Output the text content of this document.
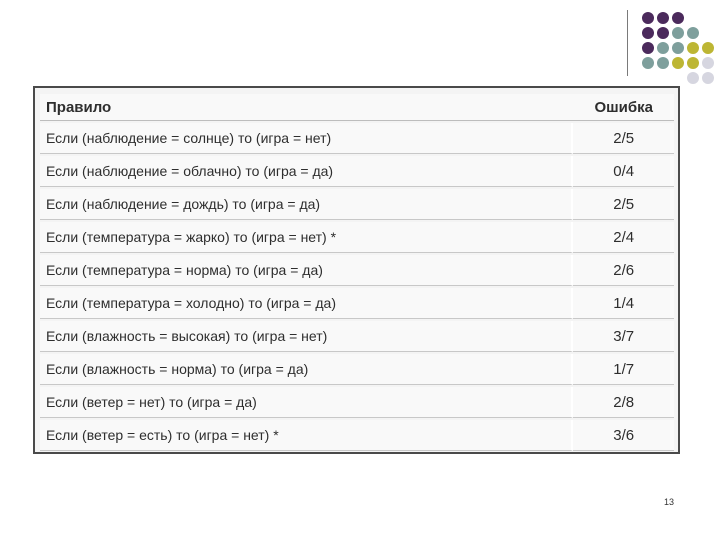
Правило	Ошибка
Если (наблюдение = солнце) то (игра = нет)	2/5
Если (наблюдение = облачно) то (игра = да)	0/4
Если (наблюдение = дождь) то (игра = да)	2/5
Если (температура = жарко) то (игра = нет) *	2/4
Если (температура = норма) то (игра = да)	2/6
Если (температура = холодно) то (игра = да)	1/4
Если (влажность = высокая) то (игра = нет)	3/7
Если (влажность = норма) то (игра = да)	1/7
Если (ветер = нет) то (игра = да)	2/8
Если (ветер = есть) то (игра = нет) *	3/6
13
